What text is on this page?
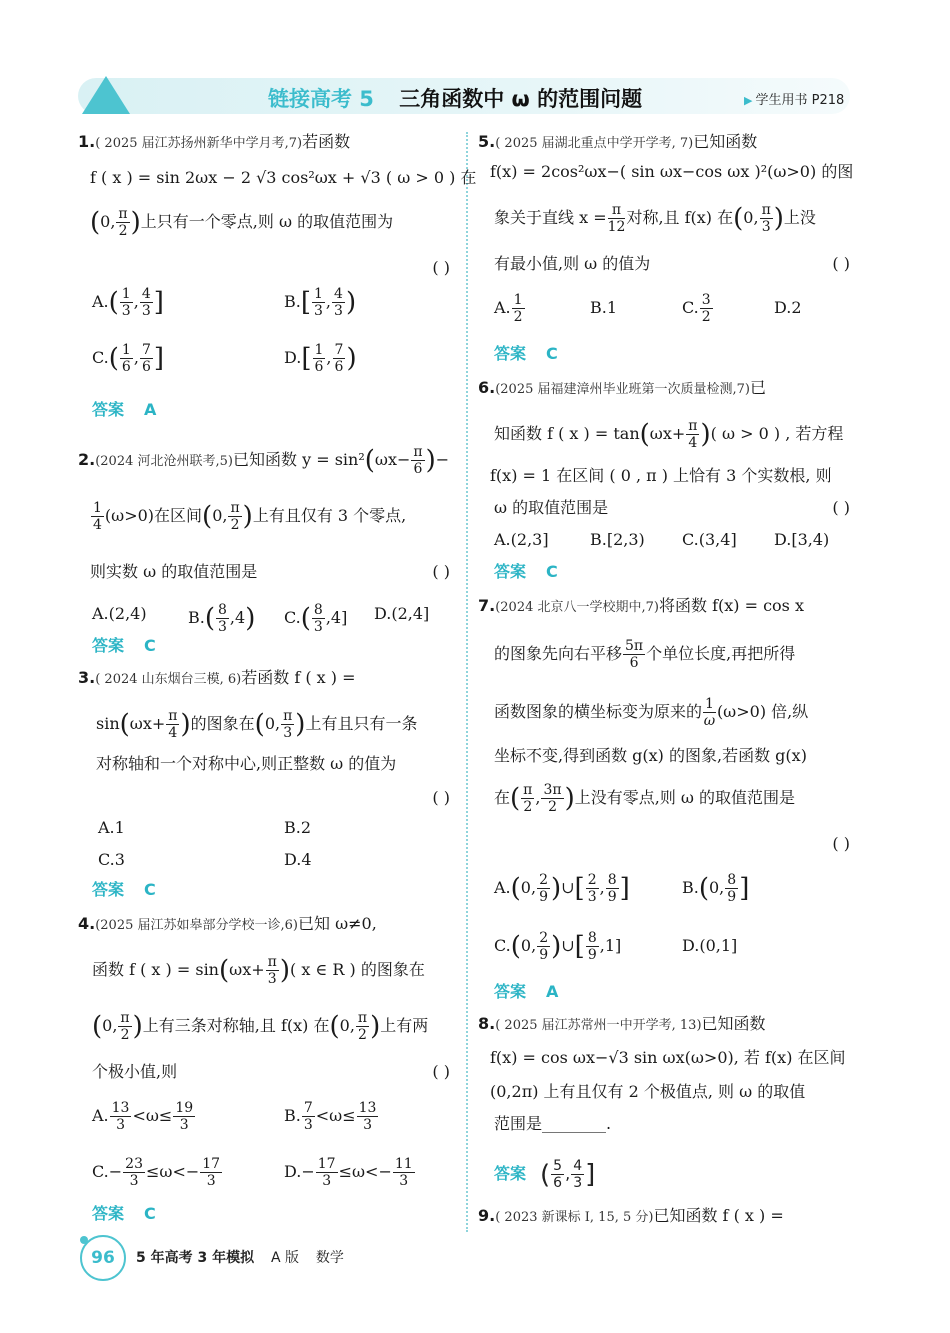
链接高考 5 三角函数中 ω 的范围问题	▶ 学生用书 P218
1.( 2025 届江苏扬州新华中学月考,7)若函数
f ( x ) = sin 2ωx − 2 √3 cos²ωx + √3 ( ω > 0 ) 在
(0, $\frac{\pi}{2}$ )上只有一个零点,则 ω 的取值范围为
( )
$A.( \frac{1}{3}$ , $\frac{4}{3}$ ]	$B.[ \frac{1}{3}$ , $\frac{4}{3}$ )
$C.( \frac{1}{6}$ , $\frac{7}{6}$ ]	$D.[ \frac{1}{6}$ , $\frac{7}{6}$ )
答案 A
2.(2024 河北沧州联考,5)已知函数 $y = \sin^2(\omega x- \frac{\pi}{6}$ )−
$\frac{1}{4} (\omega>0)$在区间(0, $\frac{\pi}{2}$ )上有且仅有 3 个零点,
则实数 ω 的取值范围是	( )
A.(2,4)	$B.( \frac{8}{3} ,4)$ $C.( \frac{8}{3} ,4]$ D.(2,4]
答案 C
3.( 2024 山东烟台三模, 6)若函数 f ( x ) =
$\sin(\omega x+ \frac{\pi}{4}$ )的图象在(0, $\frac{\pi}{3}$ )上有且只有一条
对称轴和一个对称中心,则正整数 ω 的值为
( )
A.1	B.2
C.3	D.4
答案 C
4.(2025 届江苏如皋部分学校一诊,6)已知 ω≠0,
函数 f ( x ) = $\sin(\omega x+ \frac{\pi}{3}$ )( x ∈ R ) 的图象在
(0, $\frac{\pi}{2}$ )上有三条对称轴,且 f(x) 在(0, $\frac{\pi}{2}$ )上有两
个极小值,则	( )
A. $\frac{13}{3} <\omega\le \frac{19}{3}$	B. $\frac{7}{3} <\omega\le \frac{13}{3}$
$C.- \frac{23}{3} \le\omega<- \frac{17}{3}$	$D.- \frac{17}{3} \le\omega<- \frac{11}{3}$
答案 C
5.( 2025 届湖北重点中学开学考, 7)已知函数
f(x) = 2cos²ωx−( sin ωx−cos ωx )²(ω>0) 的图
象关于直线 $x = \frac{\pi}{12}$ 对称,且 f(x) 在(0, $\frac{\pi}{3}$ )上没
有最小值,则 ω 的值为	( )
A. $\frac{1}{2}$	B.1	C. $\frac{3}{2}$	D.2
答案 C
6.(2025 届福建漳州毕业班第一次质量检测,7)已
知函数 f ( x ) = $\tan(\omega x+ \frac{\pi}{4}$ )( ω > 0 ) , 若方程
f(x) = 1 在区间 ( 0 , π ) 上恰有 3 个实数根, 则
ω 的取值范围是	( )
A.(2,3]	B.[2,3) C.(3,4] D.[3,4)
答案 C
7.(2024 北京八一学校期中,7)将函数 f(x) = cos x
的图象先向右平移 $\frac{5\pi}{6}$ 个单位长度,再把所得
函数图象的横坐标变为原来的 $\frac{1}{\omega} (\omega>0)$ 倍,纵
坐标不变,得到函数 g(x) 的图象,若函数 g(x)
在( $\frac{\pi}{2}$ , $\frac{3\pi}{2}$ )上没有零点,则 ω 的取值范围是
( )
A.(0, $\frac{2}{9}$ )∪[ $\frac{2}{3}$ , $\frac{8}{9}$ ]	B.(0, $\frac{8}{9}$ ]
C.(0, $\frac{2}{9}$ )∪[ $\frac{8}{9} ,1$]	D.(0,1]
答案 A
8.( 2025 届江苏常州一中开学考, 13)已知函数
f(x) = cos ωx−√3 sin ωx(ω>0), 若 f(x) 在区间
(0,2π) 上有且仅有 2 个极值点, 则 ω 的取值
范围是________.
答案 ( $\frac{5}{6}$ , $\frac{4}{3}$ ]
9.( 2023 新课标 Ⅰ, 15, 5 分)已知函数 f ( x ) =
96	5 年高考 3 年模拟 A 版 数学
